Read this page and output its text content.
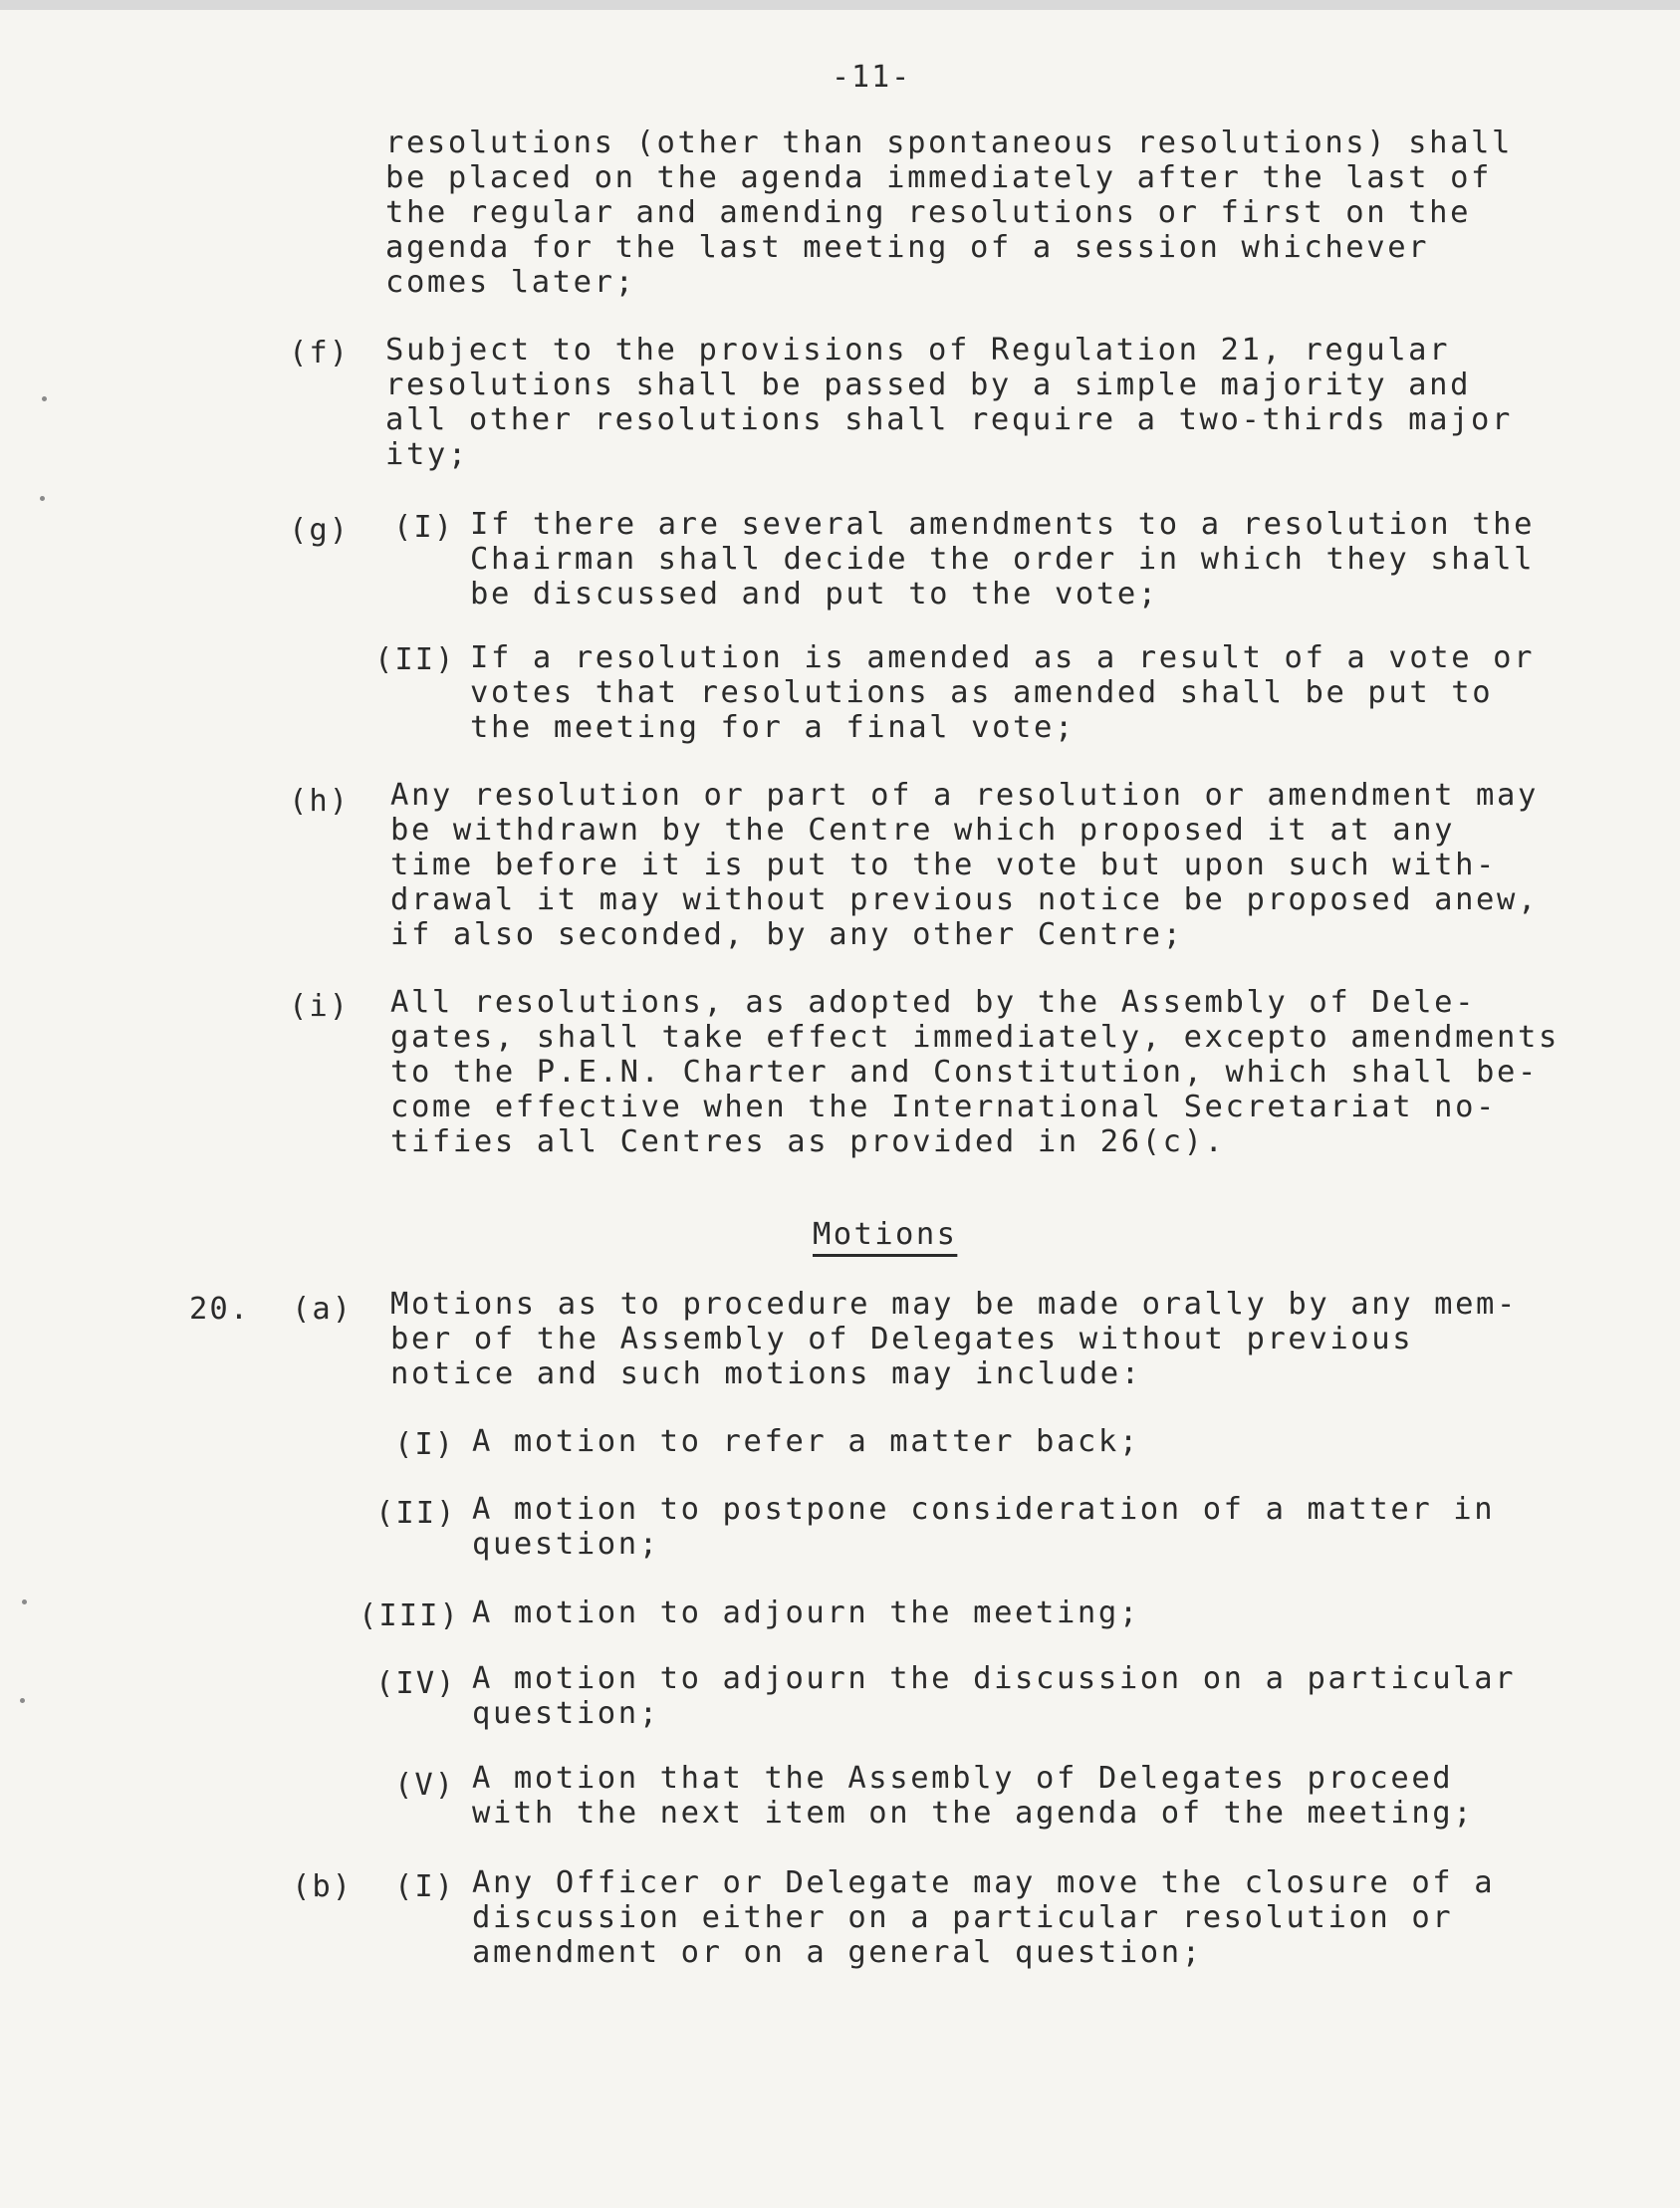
-11-
resolutions (other than spontaneous resolutions) shall
be placed on the agenda immediately after the last of
the regular and amending resolutions or first on the
agenda for the last meeting of a session whichever
comes later;
(f) Subject to the provisions of Regulation 21, regular
resolutions shall be passed by a simple majority and
all other resolutions shall require a two-thirds major
ity;
(g) (I) If there are several amendments to a resolution the
Chairman shall decide the order in which they shall
be discussed and put to the vote;
(II) If a resolution is amended as a result of a vote or
votes that resolutions as amended shall be put to
the meeting for a final vote;
(h) Any resolution or part of a resolution or amendment may
be withdrawn by the Centre which proposed it at any
time before it is put to the vote but upon such with-
drawal it may without previous notice be proposed anew,
if also seconded, by any other Centre;
(i) All resolutions, as adopted by the Assembly of Dele-
gates, shall take effect immediately, excepto amendments
to the P.E.N. Charter and Constitution, which shall be-
come effective when the International Secretariat no-
tifies all Centres as provided in 26(c).
Motions
20. (a) Motions as to procedure may be made orally by any mem-
ber of the Assembly of Delegates without previous
notice and such motions may include:
(I) A motion to refer a matter back;
(II) A motion to postpone consideration of a matter in
question;
(III) A motion to adjourn the meeting;
(IV) A motion to adjourn the discussion on a particular
question;
(V) A motion that the Assembly of Delegates proceed
with the next item on the agenda of the meeting;
(b) (I) Any Officer or Delegate may move the closure of a
discussion either on a particular resolution or
amendment or on a general question;
